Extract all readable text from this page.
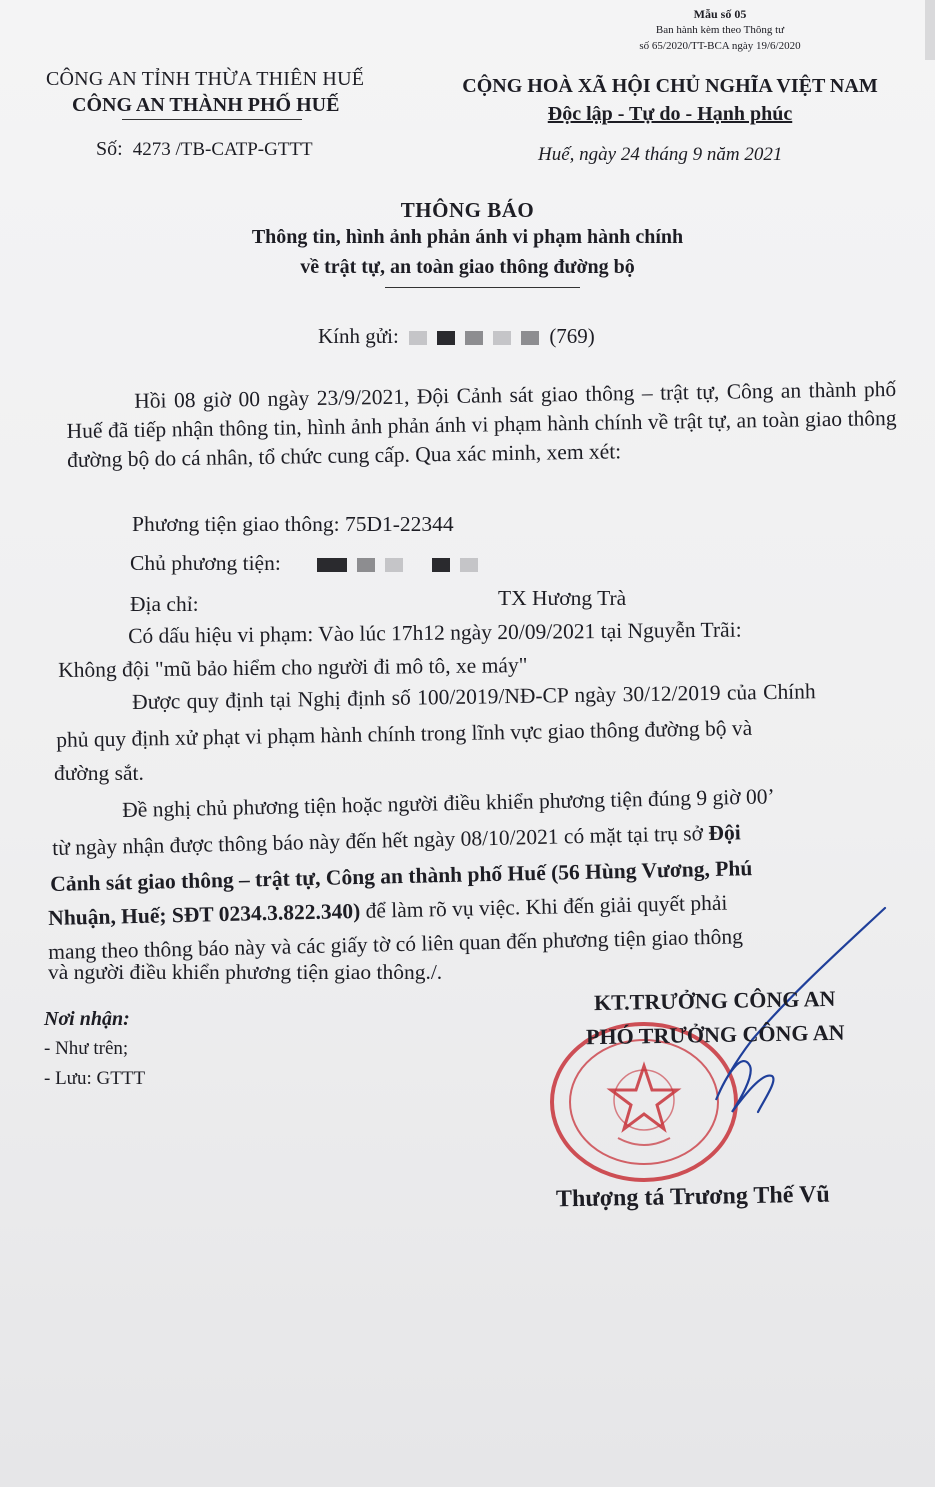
Mẫu số 05
Ban hành kèm theo Thông tư
số 65/2020/TT-BCA ngày 19/6/2020
CÔNG AN TỈNH THỪA THIÊN HUẾ
CÔNG AN THÀNH PHỐ HUẾ
CỘNG HOÀ XÃ HỘI CHỦ NGHĨA VIỆT NAM
Độc lập - Tự do - Hạnh phúc
Số: 4273 /TB-CATP-GTTT	Huế, ngày 24 tháng 9 năm 2021
THÔNG BÁO
Thông tin, hình ảnh phản ánh vi phạm hành chính
về trật tự, an toàn giao thông đường bộ
Kính gửi:	(769)
Hồi 08 giờ 00 ngày 23/9/2021, Đội Cảnh sát giao thông – trật tự, Công an thành phố Huế đã tiếp nhận thông tin, hình ảnh phản ánh vi phạm hành chính về trật tự, an toàn giao thông đường bộ do cá nhân, tổ chức cung cấp. Qua xác minh, xem xét:
Phương tiện giao thông: 75D1-22344
Chủ phương tiện:
Địa chỉ:	TX Hương Trà
Có dấu hiệu vi phạm: Vào lúc 17h12 ngày 20/09/2021 tại Nguyễn Trãi:
Không đội "mũ bảo hiểm cho người đi mô tô, xe máy"
Được quy định tại Nghị định số 100/2019/NĐ-CP ngày 30/12/2019 của Chính
phủ quy định xử phạt vi phạm hành chính trong lĩnh vực giao thông đường bộ và
đường sắt.
Đề nghị chủ phương tiện hoặc người điều khiển phương tiện đúng 9 giờ 00’
từ ngày nhận được thông báo này đến hết ngày 08/10/2021 có mặt tại trụ sở Đội
Cảnh sát giao thông – trật tự, Công an thành phố Huế (56 Hùng Vương, Phú
Nhuận, Huế; SĐT 0234.3.822.340) để làm rõ vụ việc. Khi đến giải quyết phải
mang theo thông báo này và các giấy tờ có liên quan đến phương tiện giao thông
và người điều khiển phương tiện giao thông./.
Nơi nhận:
- Như trên;
- Lưu: GTTT
KT.TRƯỞNG CÔNG AN
PHÓ TRƯỞNG CÔNG AN
Thượng tá Trương Thế Vũ
